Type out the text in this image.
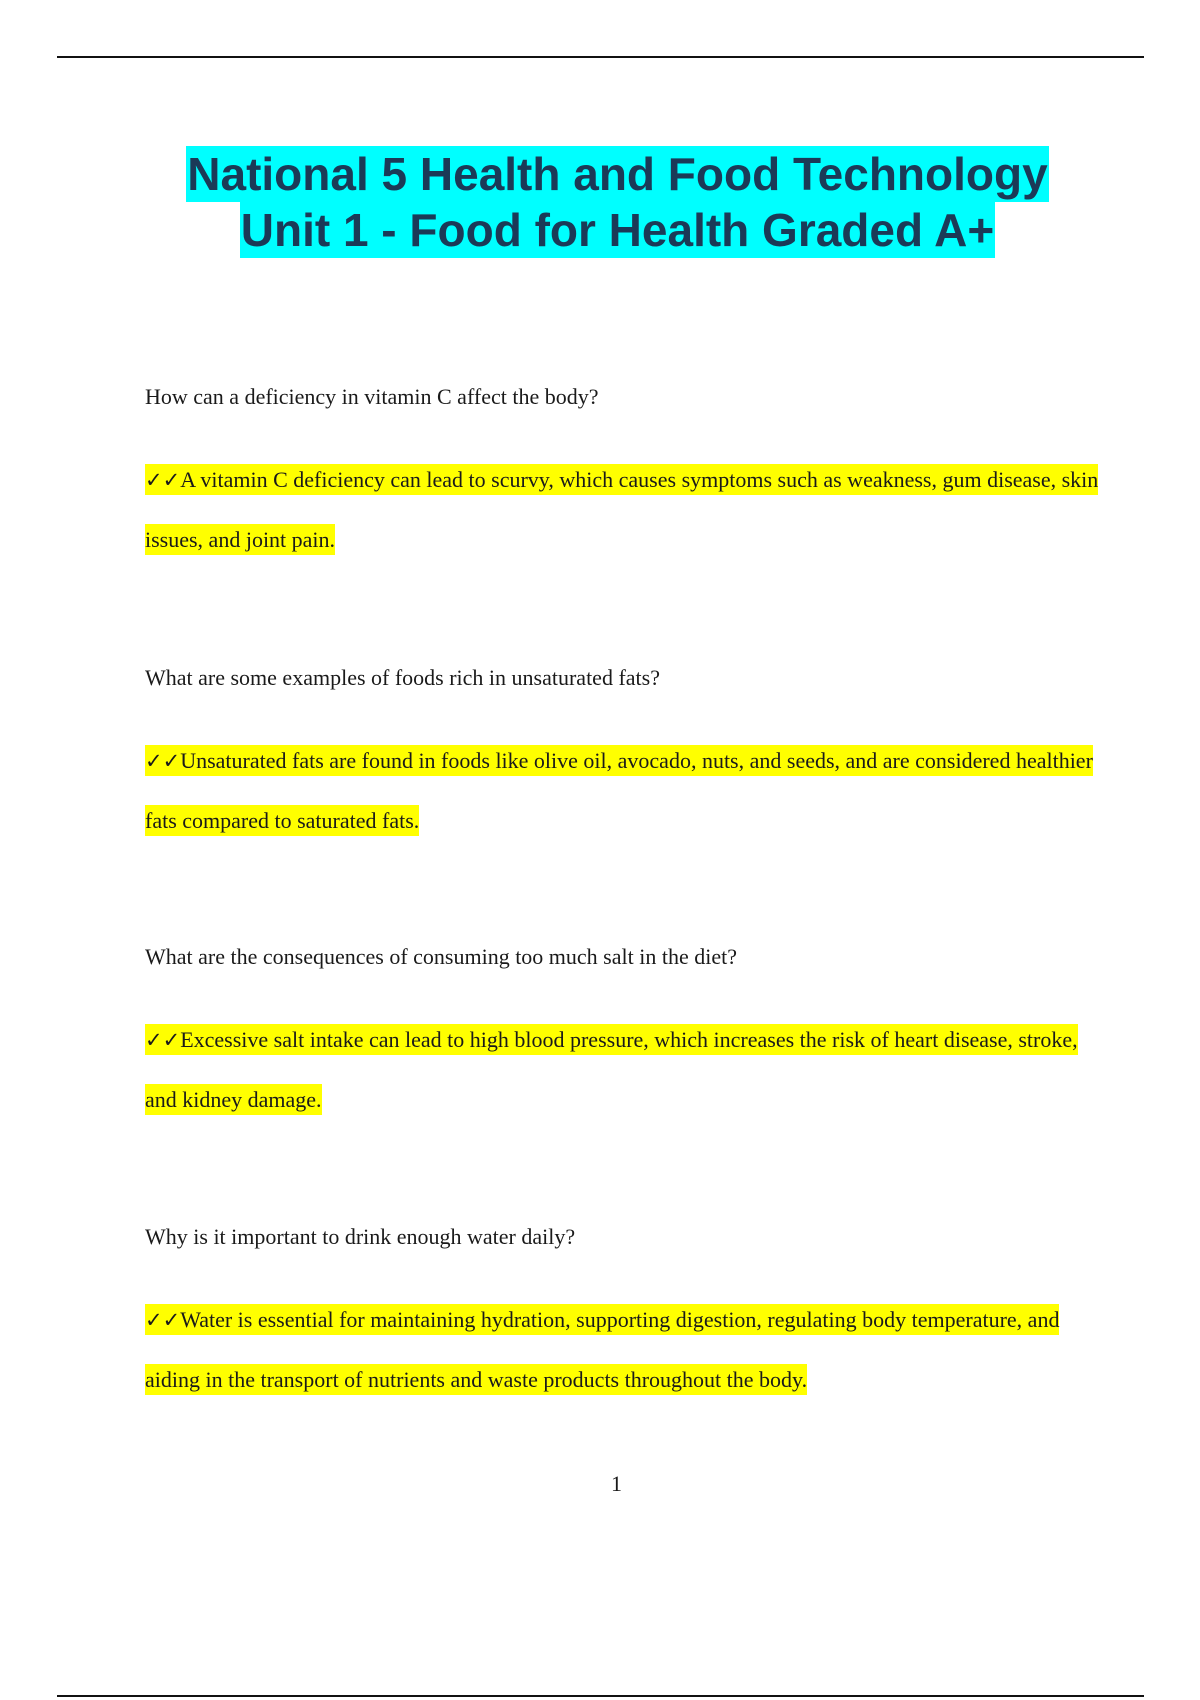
National 5 Health and Food Technology
Unit 1 - Food for Health Graded A+

How can a deficiency in vitamin C affect the body?

✓✓A vitamin C deficiency can lead to scurvy, which causes symptoms such as weakness, gum disease, skin issues, and joint pain.

What are some examples of foods rich in unsaturated fats?

✓✓Unsaturated fats are found in foods like olive oil, avocado, nuts, and seeds, and are considered healthier fats compared to saturated fats.

What are the consequences of consuming too much salt in the diet?

✓✓Excessive salt intake can lead to high blood pressure, which increases the risk of heart disease, stroke, and kidney damage.

Why is it important to drink enough water daily?

✓✓Water is essential for maintaining hydration, supporting digestion, regulating body temperature, and aiding in the transport of nutrients and waste products throughout the body.

1
